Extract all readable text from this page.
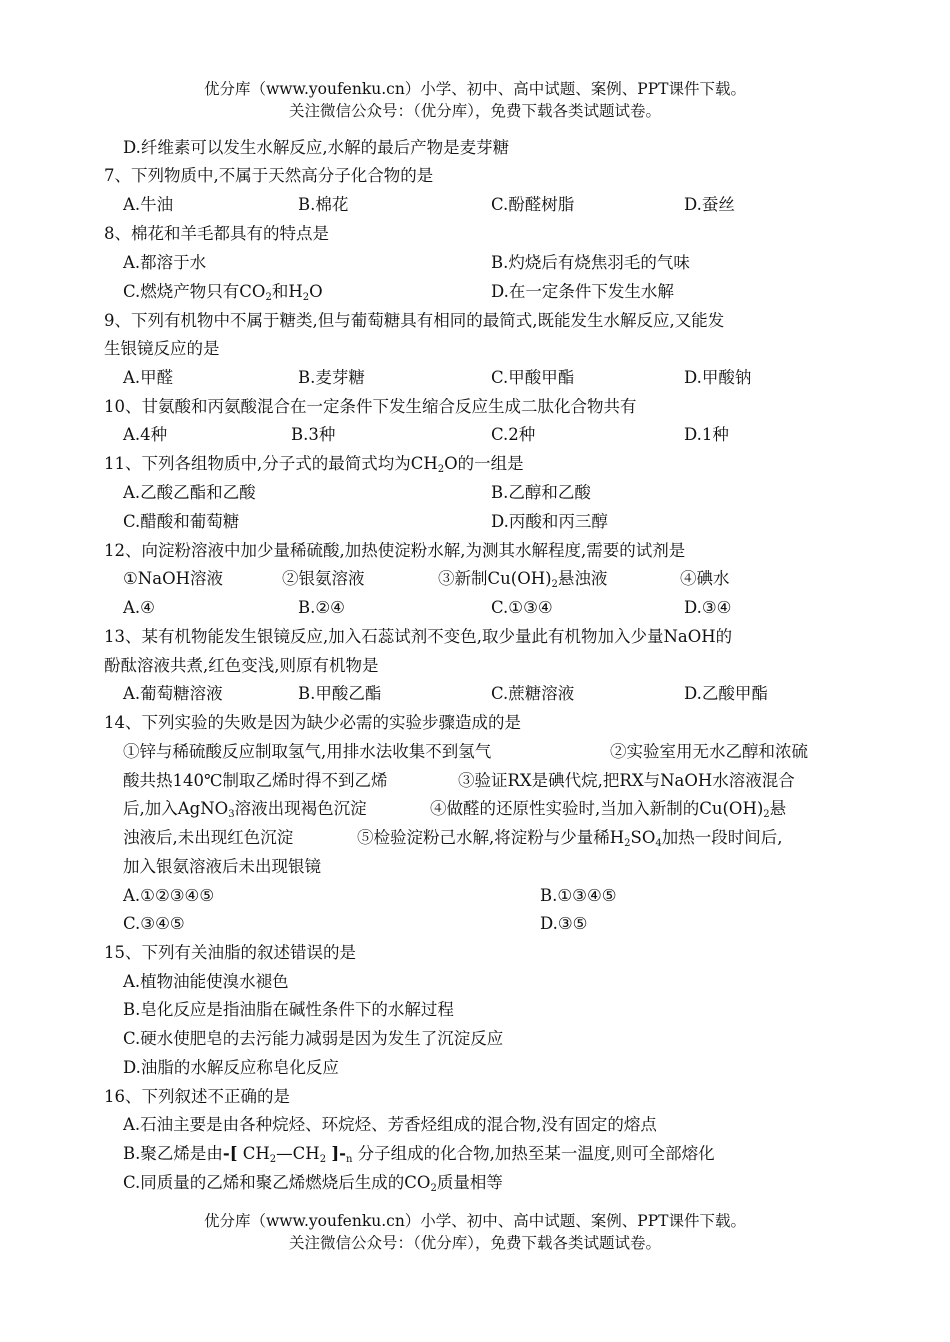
优分库（www.youfenku.cn）小学、初中、高中试题、案例、PPT课件下载。
关注微信公众号：（优分库），免费下载各类试题试卷。
D.纤维素可以发生水解反应,水解的最后产物是麦芽糖
7、下列物质中,不属于天然高分子化合物的是
A.牛油	B.棉花	C.酚醛树脂	D.蚕丝
8、棉花和羊毛都具有的特点是
A.都溶于水	B.灼烧后有烧焦羽毛的气味
C.燃烧产物只有$CO_2$和$H_2O$	D.在一定条件下发生水解
9、下列有机物中不属于糖类,但与葡萄糖具有相同的最简式,既能发生水解反应,又能发
生银镜反应的是
A.甲醛	B.麦芽糖	C.甲酸甲酯	D.甲酸钠
10、甘氨酸和丙氨酸混合在一定条件下发生缩合反应生成二肽化合物共有
A.4种	B.3种	C.2种	D.1种
11、下列各组物质中,分子式的最简式均为$CH_2O$的一组是
A.乙酸乙酯和乙酸	B.乙醇和乙酸
C.醋酸和葡萄糖	D.丙酸和丙三醇
12、向淀粉溶液中加少量稀硫酸,加热使淀粉水解,为测其水解程度,需要的试剂是
①NaOH溶液	②银氨溶液	③新制$Cu(OH)_2$悬浊液	④碘水
A.④	B.②④	C.①③④	D.③④
13、某有机物能发生银镜反应,加入石蕊试剂不变色,取少量此有机物加入少量NaOH的
酚酞溶液共煮,红色变浅,则原有机物是
A.葡萄糖溶液	B.甲酸乙酯	C.蔗糖溶液	D.乙酸甲酯
14、下列实验的失败是因为缺少必需的实验步骤造成的是
①锌与稀硫酸反应制取氢气,用排水法收集不到氢气	②实验室用无水乙醇和浓硫
酸共热140℃制取乙烯时得不到乙烯	③验证RX是碘代烷,把RX与NaOH水溶液混合
后,加入AgNO$_3$溶液出现褐色沉淀	④做醛的还原性实验时,当加入新制的$Cu(OH)_2$悬
浊液后,未出现红色沉淀	⑤检验淀粉己水解,将淀粉与少量稀$H_2SO_4$加热一段时间后,
加入银氨溶液后未出现银镜
A.①②③④⑤	B.①③④⑤
C.③④⑤	D.③⑤
15、下列有关油脂的叙述错误的是
A.植物油能使溴水褪色
B.皂化反应是指油脂在碱性条件下的水解过程
C.硬水使肥皂的去污能力减弱是因为发生了沉淀反应
D.油脂的水解反应称皂化反应
16、下列叙述不正确的是
A.石油主要是由各种烷烃、环烷烃、芳香烃组成的混合物,没有固定的熔点
B.聚乙烯是由-[ $CH_2—CH_2$ ]$-_n$ 分子组成的化合物,加热至某一温度,则可全部熔化
C.同质量的乙烯和聚乙烯燃烧后生成的$CO_2$质量相等
优分库（www.youfenku.cn）小学、初中、高中试题、案例、PPT课件下载。
关注微信公众号：（优分库），免费下载各类试题试卷。
